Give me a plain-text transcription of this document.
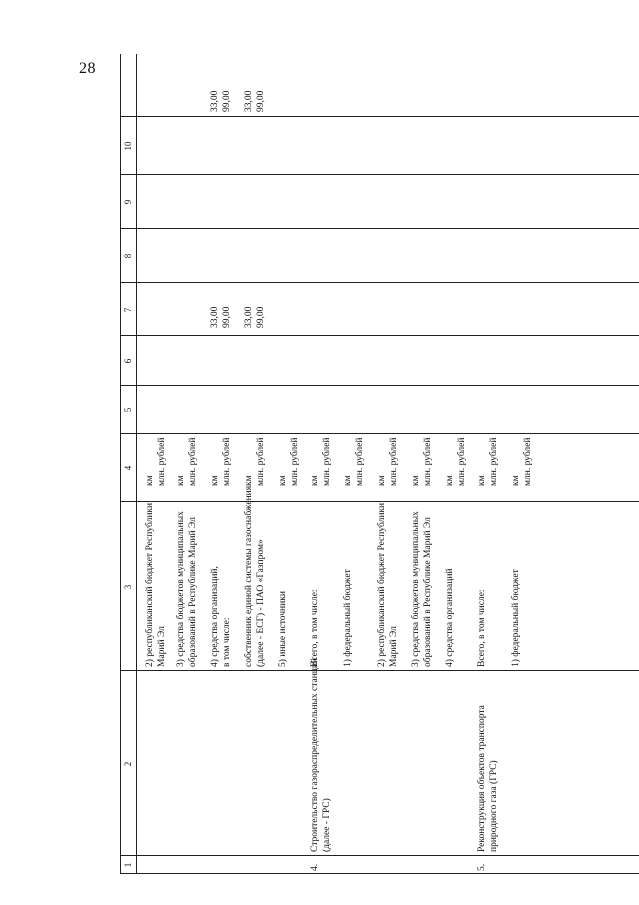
28
1
2
3
4
5
6
7
8
9
10
2) республиканский бюджет Республики Марий Эл
км млн. рублей
3) средства бюджетов муниципальных образований в Республике Марий Эл
км млн. рублей
4) средства организаций, в том числе:
км млн. рублей
33,00 99,00
33,00 99,00
собственник единой системы газоснабжения (далее - ЕСГ) - ПАО «Газпром»
км млн. рублей
33,00 99,00
33,00 99,00
5) иные источники
км млн. рублей
4.
Строительство газораспределительных станций (далее - ГРС)
Всего, в том числе:
км млн. рублей
1) федеральный бюджет
км млн. рублей
2) республиканский бюджет Республики Марий Эл
км млн. рублей
3) средства бюджетов муниципальных образований в Республике Марий Эл
км млн. рублей
4) средства организаций
км млн. рублей
5.
Реконструкция объектов транспорта природного газа (ГРС)
Всего, в том числе:
км млн. рублей
1) федеральный бюджет
км млн. рублей
